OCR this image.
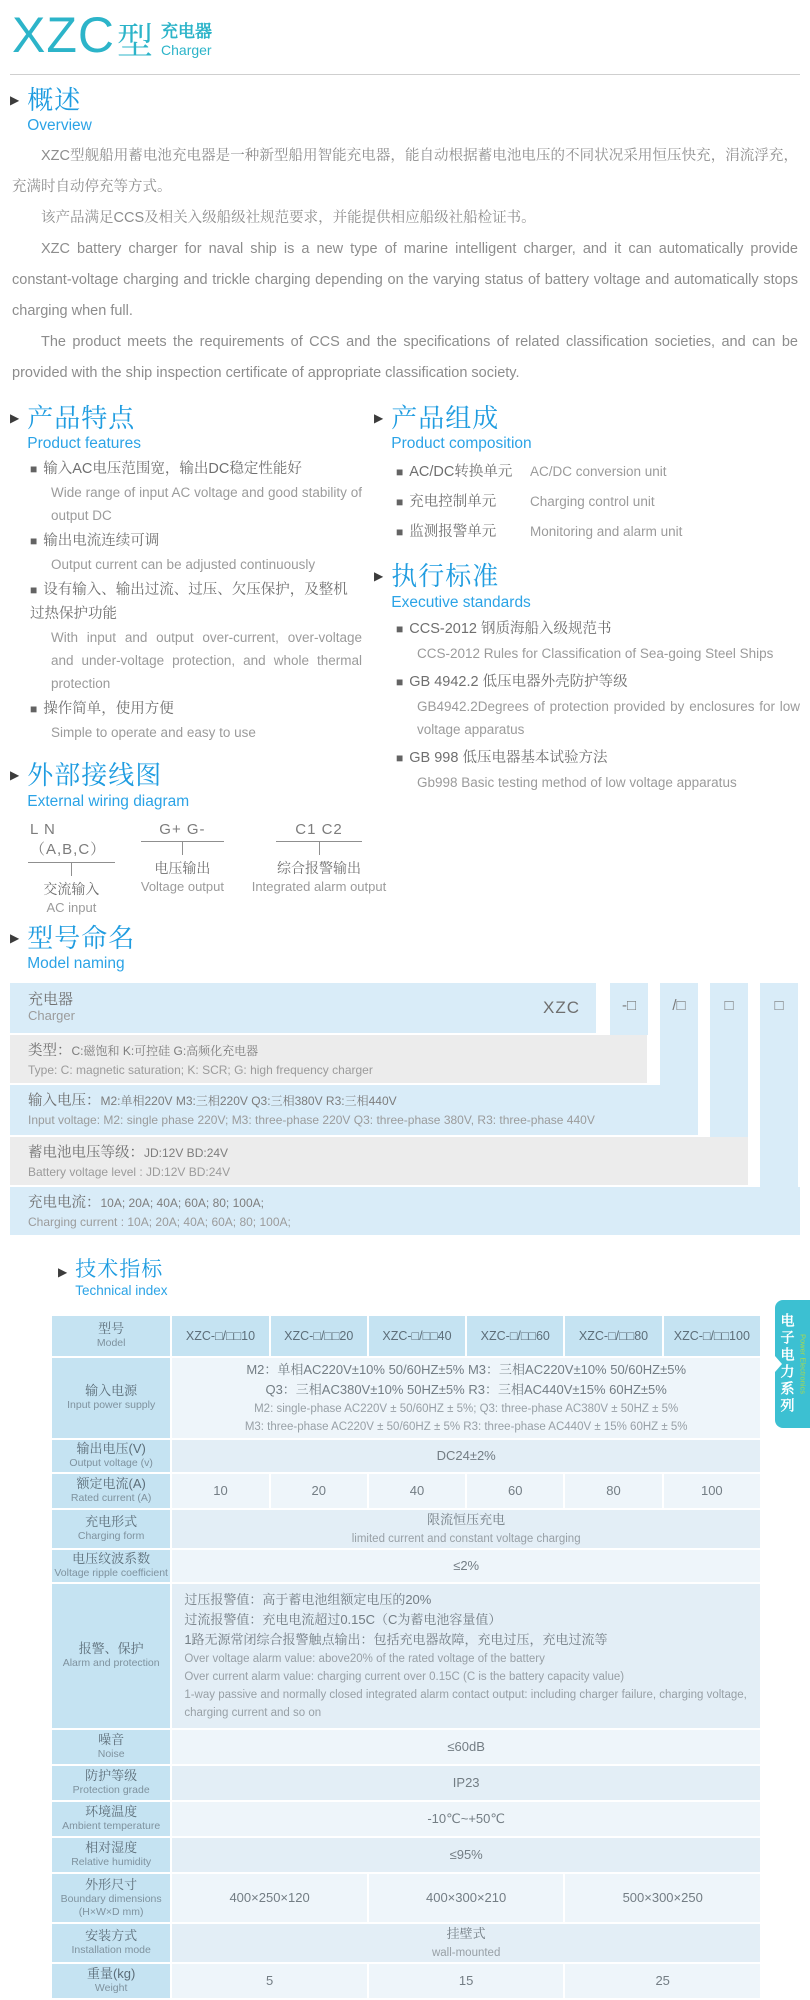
XZC 型 充电器
Charger
▶ 概述
Overview

XZC型舰船用蓄电池充电器是一种新型船用智能充电器，能自动根据蓄电池电压的不同状况采用恒压快充，涓流浮充，充满时自动停充等方式。

该产品满足CCS及相关入级船级社规范要求，并能提供相应船级社船检证书。

XZC battery charger for naval ship is a new type of marine intelligent charger, and it can automatically provide constant-voltage charging and trickle charging depending on the varying status of battery voltage and automatically stops charging when full.

The product meets the requirements of CCS and the specifications of related classification societies, and can be provided with the ship inspection certificate of appropriate classification society.

▶ 产品特点
Product features
■ 输入AC电压范围宽，输出DC稳定性能好
Wide range of input AC voltage and good stability of output DC
■ 输出电流连续可调
Output current can be adjusted continuously
■ 设有输入、输出过流、过压、欠压保护，及整机过热保护功能
With input and output over-current, over-voltage and under-voltage protection, and whole thermal protection
■ 操作简单，使用方便
Simple to operate and easy to use
▶ 外部接线图
External wiring diagram
L N（A,B,C）
交流输入
AC input
G+ G-
电压输出
Voltage output
C1 C2
综合报警输出
Integrated alarm output
▶ 产品组成
Product composition
■ AC/DC转换单元 AC/DC conversion unit
■ 充电控制单元	Charging control unit
■ 监测报警单元	Monitoring and alarm unit
▶ 执行标准
Executive standards
■ CCS-2012 钢质海船入级规范书
CCS-2012 Rules for Classification of Sea-going Steel Ships
■ GB 4942.2 低压电器外壳防护等级
GB4942.2Degrees of protection provided by enclosures for low voltage apparatus
■ GB 998 低压电器基本试验方法
Gb998 Basic testing method of low voltage apparatus
▶ 型号命名
Model naming
充电器
Charger	XZC	-□	/□	□	□
类型：C:磁饱和 K:可控硅 G:高频化充电器
Type: C: magnetic saturation; K: SCR; G: high frequency charger
输入电压：M2:单相220V M3:三相220V Q3:三相380V R3:三相440V
Input voltage: M2: single phase 220V; M3: three-phase 220V Q3: three-phase 380V, R3: three-phase 440V
蓄电池电压等级：JD:12V BD:24V
Battery voltage level : JD:12V BD:24V
充电电流：10A; 20A; 40A; 60A; 80; 100A;
Charging current : 10A; 20A; 40A; 60A; 80; 100A;
▶ 技术指标
Technical index
型号
Model	XZC-□/□□10	XZC-□/□□20	XZC-□/□□40	XZC-□/□□60	XZC-□/□□80	XZC-□/□□100

输入电源
Input power supply

M2：单相AC220V±10% 50/60HZ±5% M3：三相AC220V±10% 50/60HZ±5%
Q3：三相AC380V±10% 50HZ±5% R3：三相AC440V±15% 60HZ±5%
M2: single-phase AC220V ± 50/60HZ ± 5%; Q3: three-phase AC380V ± 50HZ ± 5%
M3: three-phase AC220V ± 50/60HZ ± 5% R3: three-phase AC440V ± 15% 60HZ ± 5%

输出电压(V)
Output voltage (v)	DC24±2%					

额定电流(A)
Rated current (A)	10	20	40	60	80	100

充电形式
Charging form

限流恒压充电
limited current and constant voltage charging

电压纹波系数
Voltage ripple coefficient	≤2%					

报警、保护
Alarm and protection

过压报警值：高于蓄电池组额定电压的20%
过流报警值：充电电流超过0.15C（C为蓄电池容量值）
1路无源常闭综合报警触点输出：包括充电器故障，充电过压，充电过流等
Over voltage alarm value: above20% of the rated voltage of the battery
Over current alarm value: charging current over 0.15C (C is the battery capacity value)
1-way passive and normally closed integrated alarm contact output: including charger failure, charging voltage, charging current and so on

噪音
Noise	≤60dB					

防护等级
Protection grade	IP23					

环境温度
Ambient temperature	-10℃~+50℃					

相对湿度
Relative humidity	≤95%					

外形尺寸
Boundary dimensions
(H×W×D mm)	400×250×120		400×300×210		500×300×250	

安装方式
Installation mode

挂壁式
wall-mounted

重量(kg)
Weight	5		15		25	
电子电力系列 Power Electronics
